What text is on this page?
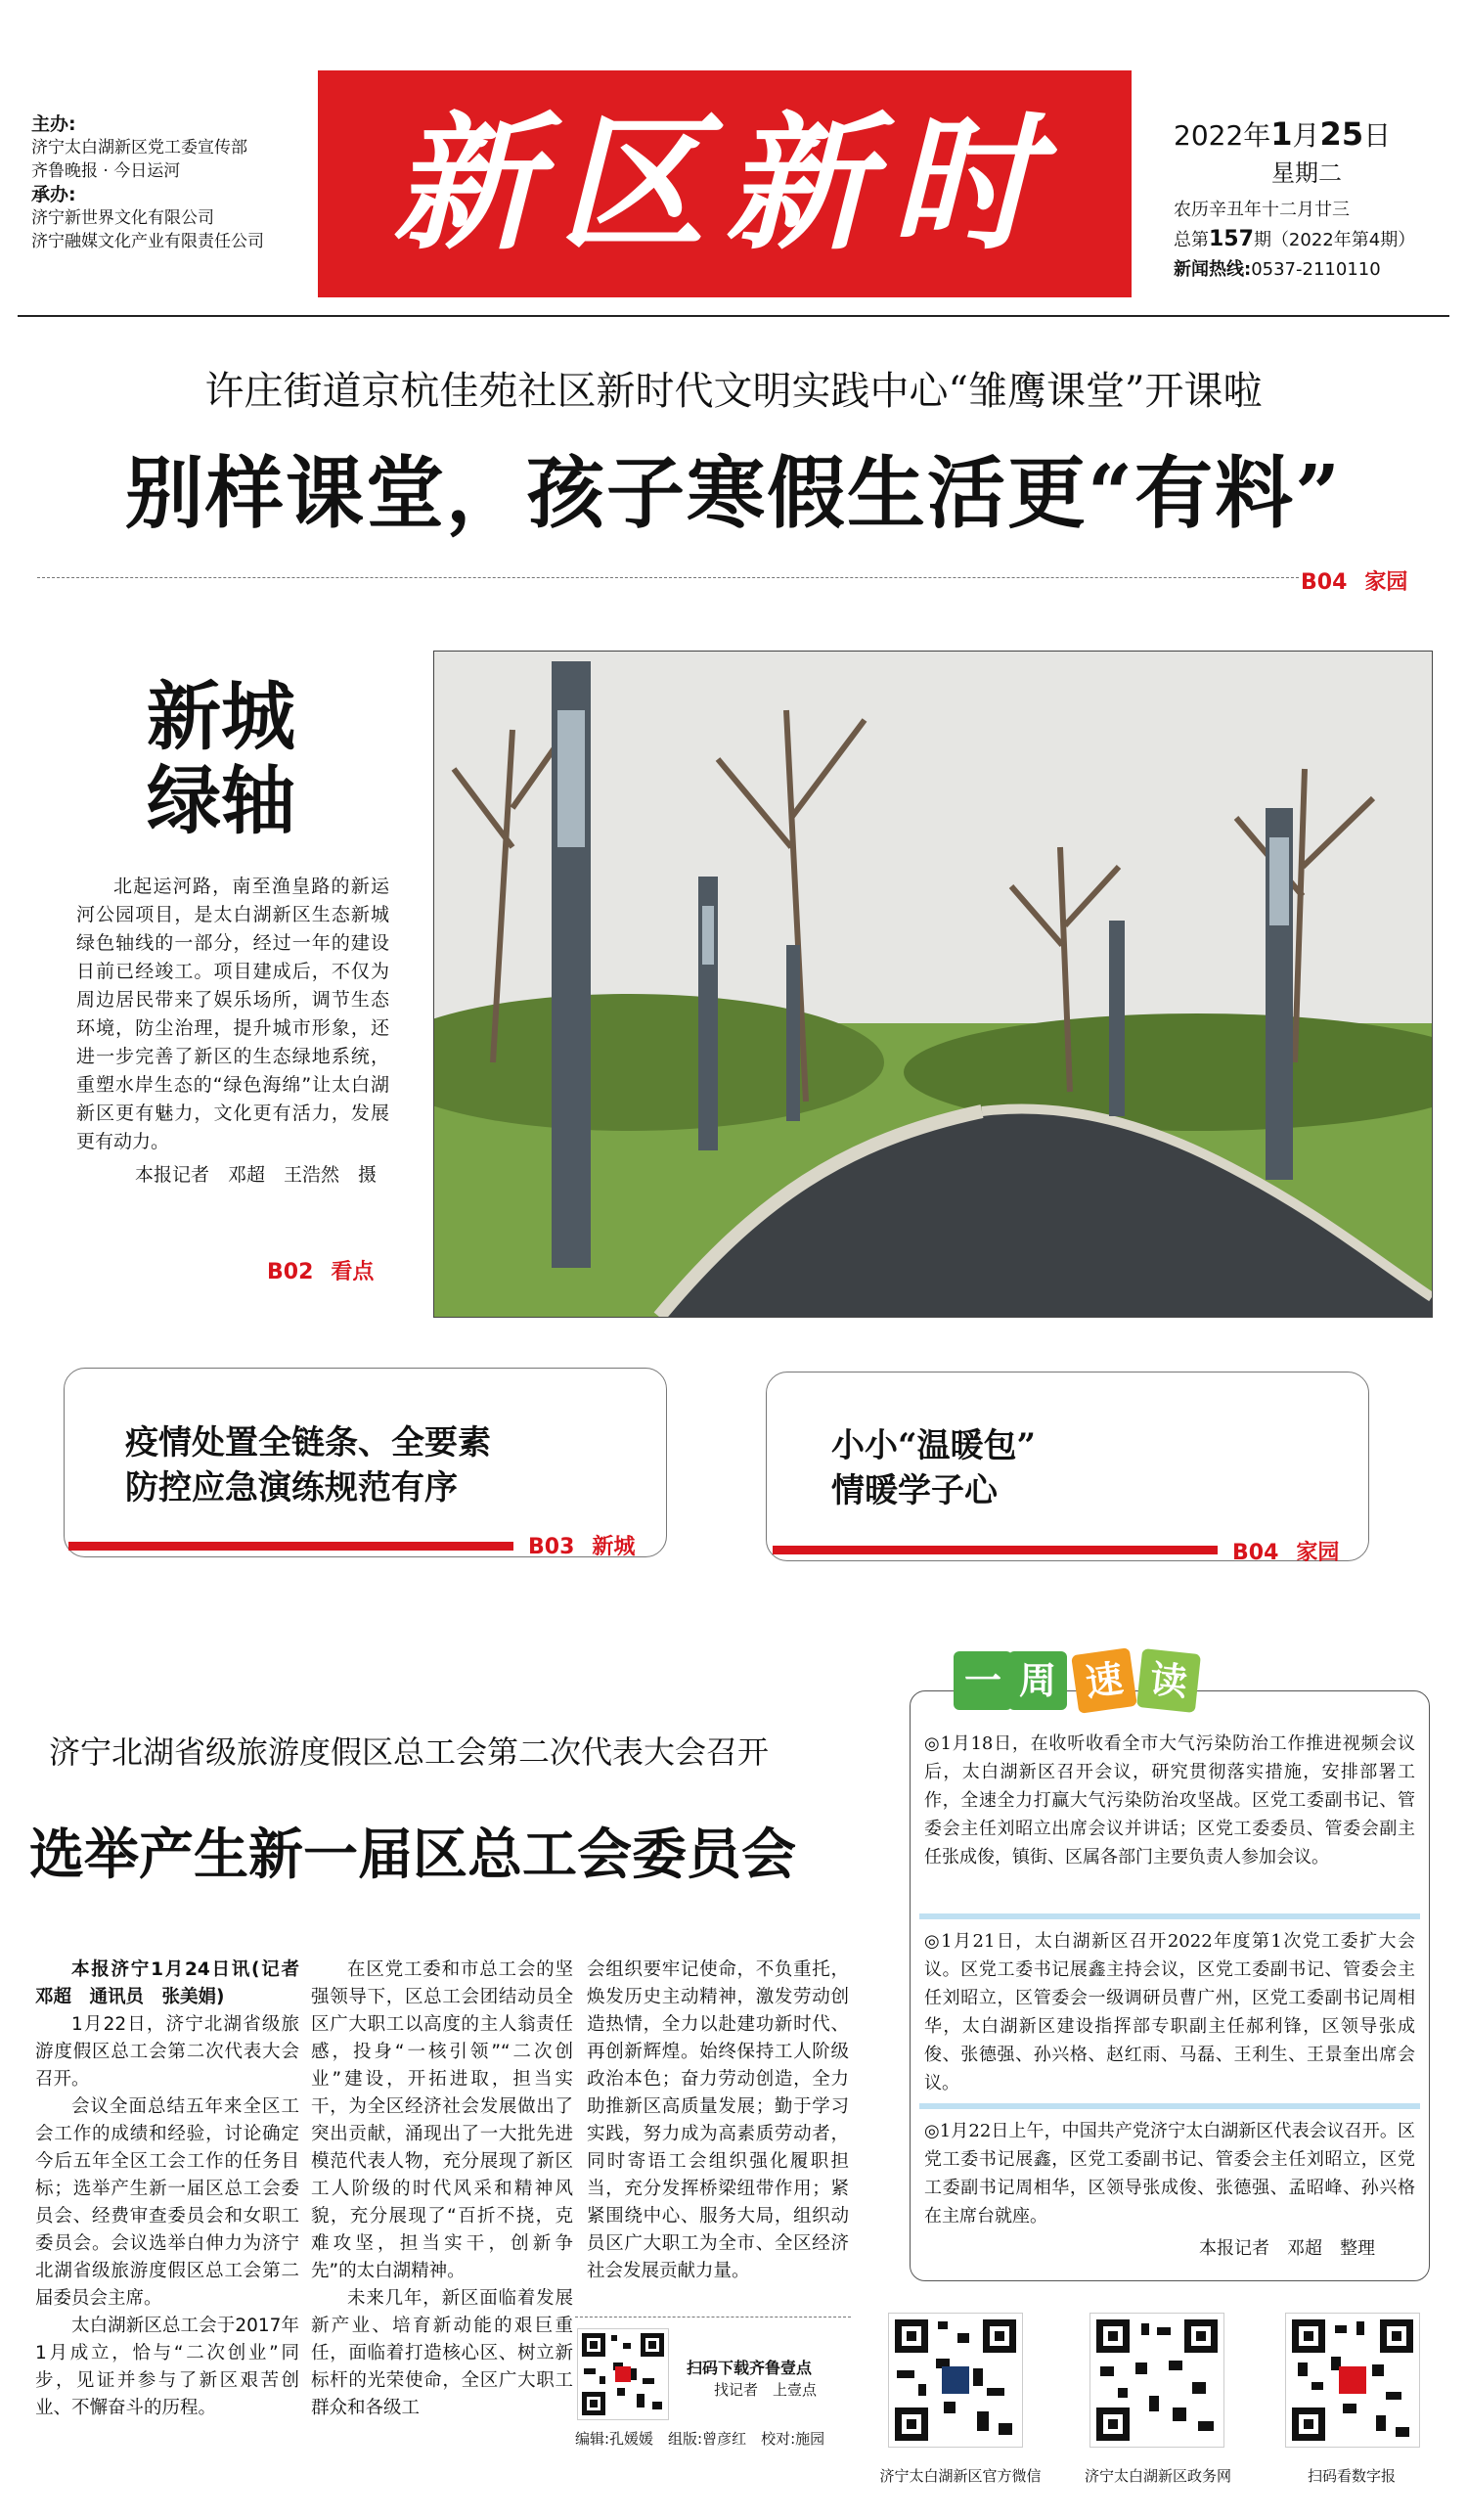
主办:
济宁太白湖新区党工委宣传部
齐鲁晚报 · 今日运河
承办:
济宁新世界文化有限公司
济宁融媒文化产业有限责任公司 新区新时代
2022年1月25日
星期二
农历辛丑年十二月廿三
总第157期（2022年第4期）
新闻热线:0537-2110110
许庄街道京杭佳苑社区新时代文明实践中心“雏鹰课堂”开课啦
别样课堂，孩子寒假生活更“有料”
B04 家园
新城
绿轴
北起运河路，南至渔皇路的新运河公园项目，是太白湖新区生态新城绿色轴线的一部分，经过一年的建设日前已经竣工。项目建成后，不仅为周边居民带来了娱乐场所，调节生态环境，防尘治理，提升城市形象，还进一步完善了新区的生态绿地系统，重塑水岸生态的“绿色海绵”让太白湖新区更有魅力，文化更有活力，发展更有动力。
本报记者　邓超　王浩然　摄
B02 看点
疫情处置全链条、全要素
防控应急演练规范有序
B03 新城
小小“温暖包”
情暖学子心
B04 家园
济宁北湖省级旅游度假区总工会第二次代表大会召开
选举产生新一届区总工会委员会
本报济宁1月24日讯(记者　邓超　通讯员　张美娟)
1月22日，济宁北湖省级旅游度假区总工会第二次代表大会召开。
会议全面总结五年来全区工会工作的成绩和经验，讨论确定今后五年全区工会工作的任务目标；选举产生新一届区总工会委员会、经费审查委员会和女职工委员会。会议选举白伸力为济宁北湖省级旅游度假区总工会第二届委员会主席。
太白湖新区总工会于2017年1月成立，恰与“二次创业”同步，见证并参与了新区艰苦创业、不懈奋斗的历程。
在区党工委和市总工会的坚强领导下，区总工会团结动员全区广大职工以高度的主人翁责任感，投身“一核引领”“二次创业”建设，开拓进取，担当实干，为全区经济社会发展做出了突出贡献，涌现出了一大批先进模范代表人物，充分展现了新区工人阶级的时代风采和精神风貌，充分展现了“百折不挠，克难攻坚，担当实干，创新争先”的太白湖精神。
未来几年，新区面临着发展新产业、培育新动能的艰巨重任，面临着打造核心区、树立新标杆的光荣使命，全区广大职工群众和各级工
会组织要牢记使命，不负重托，焕发历史主动精神，激发劳动创造热情，全力以赴建功新时代、再创新辉煌。始终保持工人阶级政治本色；奋力劳动创造，全力助推新区高质量发展；勤于学习实践，努力成为高素质劳动者，同时寄语工会组织强化履职担当，充分发挥桥梁纽带作用；紧紧围绕中心、服务大局，组织动员区广大职工为全市、全区经济社会发展贡献力量。
扫码下载齐鲁壹点
找记者　上壹点
编辑:孔媛媛　组版:曾彦红　校对:施园
一 周 速 读
◎1月18日，在收听收看全市大气污染防治工作推进视频会议后，太白湖新区召开会议，研究贯彻落实措施，安排部署工作，全速全力打赢大气污染防治攻坚战。区党工委副书记、管委会主任刘昭立出席会议并讲话；区党工委委员、管委会副主任张成俊，镇街、区属各部门主要负责人参加会议。
◎1月21日，太白湖新区召开2022年度第1次党工委扩大会议。区党工委书记展鑫主持会议，区党工委副书记、管委会主任刘昭立，区管委会一级调研员曹广州，区党工委副书记周相华，太白湖新区建设指挥部专职副主任郝利锋，区领导张成俊、张德强、孙兴格、赵红雨、马磊、王利生、王景奎出席会议。
◎1月22日上午，中国共产党济宁太白湖新区代表会议召开。区党工委书记展鑫，区党工委副书记、管委会主任刘昭立，区党工委副书记周相华，区领导张成俊、张德强、孟昭峰、孙兴格在主席台就座。
本报记者　邓超　整理
济宁太白湖新区官方微信	济宁太白湖新区政务网	扫码看数字报
